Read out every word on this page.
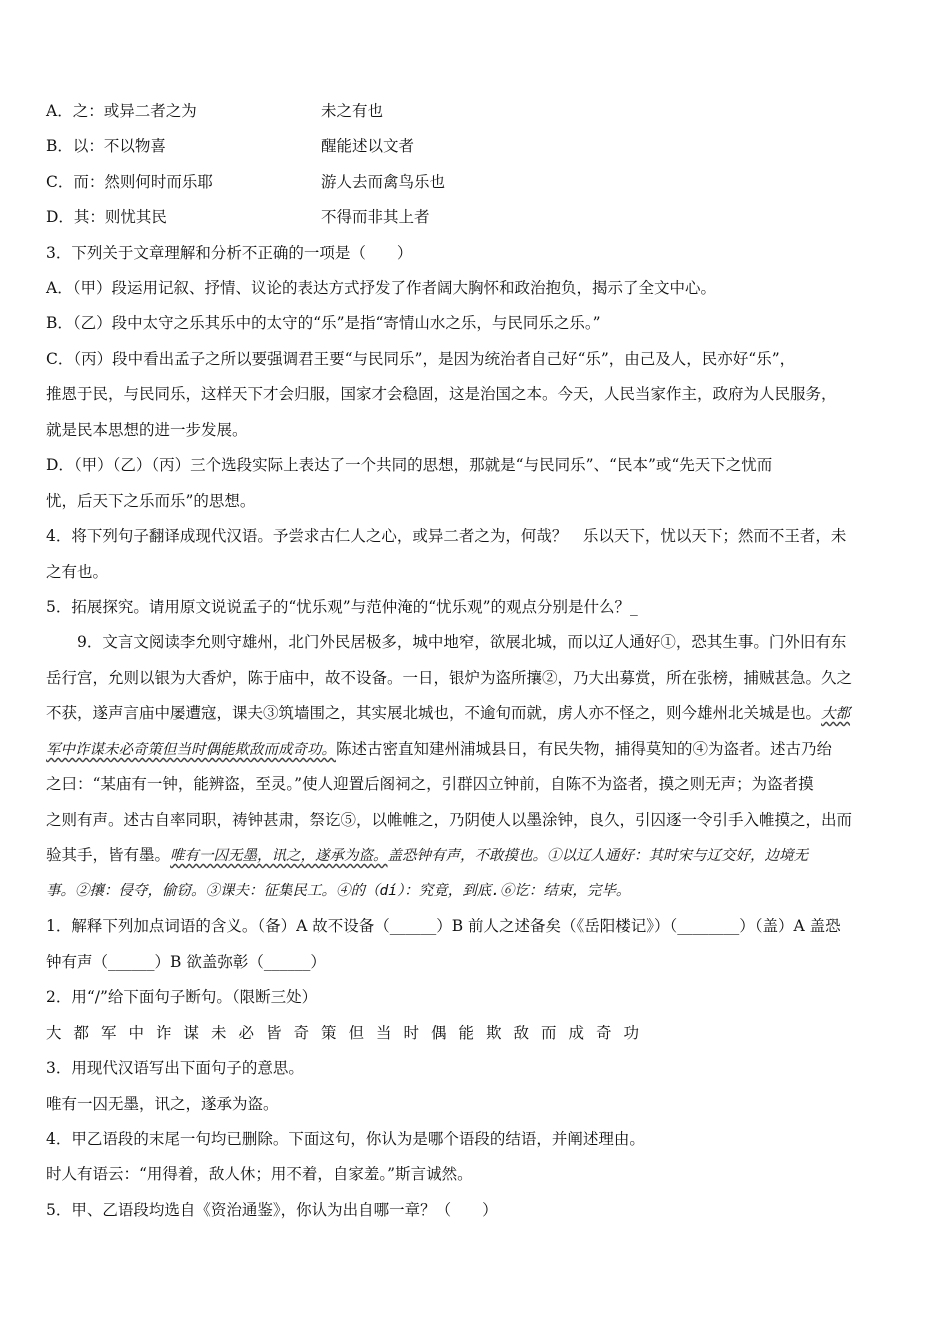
A．之：或异二者之为	未之有也
B．以：不以物喜	醒能述以文者
C．而：然则何时而乐耶	游人去而禽鸟乐也
D．其：则忧其民	不得而非其上者
3．下列关于文章理解和分析不正确的一项是（　　）
A．（甲）段运用记叙、抒情、议论的表达方式抒发了作者阔大胸怀和政治抱负，揭示了全文中心。
B．（乙）段中太守之乐其乐中的太守的“乐”是指“寄情山水之乐，与民同乐之乐。”
C．（丙）段中看出孟子之所以要强调君王要“与民同乐”，是因为统治者自己好“乐”，由己及人，民亦好“乐”，
推恩于民，与民同乐，这样天下才会归服，国家才会稳固，这是治国之本。今天，人民当家作主，政府为人民服务，
就是民本思想的进一步发展。
D．（甲）（乙）（丙）三个选段实际上表达了一个共同的思想，那就是“与民同乐”、“民本”或“先天下之忧而
忧，后天下之乐而乐”的思想。
4．将下列句子翻译成现代汉语。予尝求古仁人之心，或异二者之为，何哉？　乐以天下，忧以天下；然而不王者，未
之有也。
5．拓展探究。请用原文说说孟子的“忧乐观”与范仲淹的“忧乐观”的观点分别是什么？_
9．文言文阅读李允则守雄州，北门外民居极多，城中地窄，欲展北城，而以辽人通好①，恐其生事。门外旧有东
岳行宫，允则以银为大香炉，陈于庙中，故不设备。一日，银炉为盗所攘②，乃大出募赏，所在张榜，捕贼甚急。久之
不获，遂声言庙中屡遭寇，课夫③筑墙围之，其实展北城也，不逾旬而就，虏人亦不怪之，则今雄州北关城是也。大都
军中诈谋未必奇策但当时偶能欺敌而成奇功。陈述古密直知建州浦城县日，有民失物，捕得莫知的④为盗者。述古乃绐
之曰：“某庙有一钟，能辨盗，至灵。”使人迎置后阁祠之，引群囚立钟前，自陈不为盗者，摸之则无声；为盗者摸
之则有声。述古自率同职，祷钟甚肃，祭讫⑤，以帷帷之，乃阴使人以墨涂钟，良久，引囚逐一令引手入帷摸之，出而
验其手，皆有墨。唯有一囚无墨，讯之，遂承为盗。盖恐钟有声，不敢摸也。①以辽人通好：其时宋与辽交好，边境无
事。②攘：侵夺，偷窃。③课夫：征集民工。④的（dí）：究竟，到底.⑥讫：结束，完毕。
1．解释下列加点词语的含义。（备）A 故不设备（______）B 前人之述备矣（《岳阳楼记》）（________）（盖）A 盖恐
钟有声（______）B 欲盖弥彰（______）
2．用“/”给下面句子断句。（限断三处）
大都军中诈谋未必皆奇策但当时偶能欺敌而成奇功
3．用现代汉语写出下面句子的意思。
唯有一囚无墨，讯之，遂承为盗。
4．甲乙语段的末尾一句均已删除。下面这句，你认为是哪个语段的结语，并阐述理由。
时人有语云：“用得着，敌人休；用不着，自家羞。”斯言诚然。
5．甲、乙语段均选自《资治通鉴》，你认为出自哪一章？（　　）
